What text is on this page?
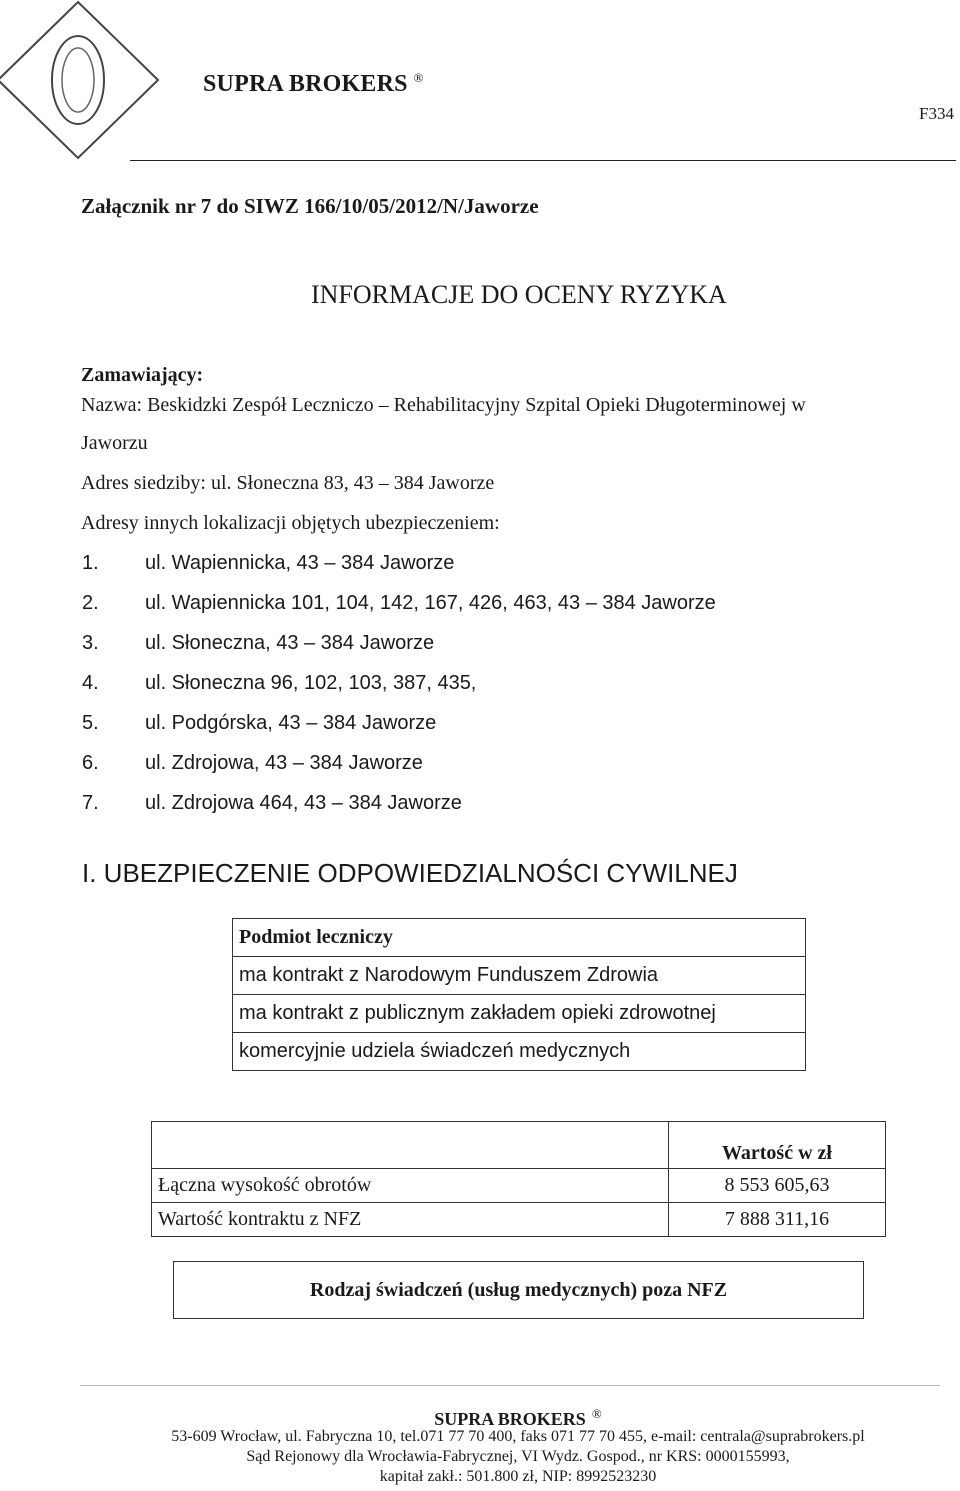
SUPRA BROKERS ®
F334
Załącznik nr 7 do SIWZ 166/10/05/2012/N/Jaworze
INFORMACJE DO OCENY RYZYKA
Zamawiający:
Nazwa: Beskidzki Zespół Leczniczo – Rehabilitacyjny Szpital Opieki Długoterminowej w
Jaworzu
Adres siedziby: ul. Słoneczna 83, 43 – 384 Jaworze
Adresy innych lokalizacji objętych ubezpieczeniem:
1. ul. Wapiennicka, 43 – 384 Jaworze
2. ul. Wapiennicka 101, 104, 142, 167, 426, 463, 43 – 384 Jaworze
3. ul. Słoneczna, 43 – 384 Jaworze
4. ul. Słoneczna 96, 102, 103, 387, 435,
5. ul. Podgórska, 43 – 384 Jaworze
6. ul. Zdrojowa, 43 – 384 Jaworze
7. ul. Zdrojowa 464, 43 – 384 Jaworze
I. UBEZPIECZENIE ODPOWIEDZIALNOŚCI CYWILNEJ
Podmiot leczniczy
ma kontrakt z Narodowym Funduszem Zdrowia
ma kontrakt z publicznym zakładem opieki zdrowotnej
komercyjnie udziela świadczeń medycznych
	Wartość w zł
Łączna wysokość obrotów	8 553 605,63
Wartość kontraktu z NFZ	7 888 311,16
Rodzaj świadczeń (usług medycznych) poza NFZ
SUPRA BROKERS ®
53-609 Wrocław, ul. Fabryczna 10, tel.071 77 70 400, faks 071 77 70 455, e-mail: centrala@suprabrokers.pl
Sąd Rejonowy dla Wrocławia-Fabrycznej, VI Wydz. Gospod., nr KRS: 0000155993,
kapitał zakł.: 501.800 zł, NIP: 8992523230
